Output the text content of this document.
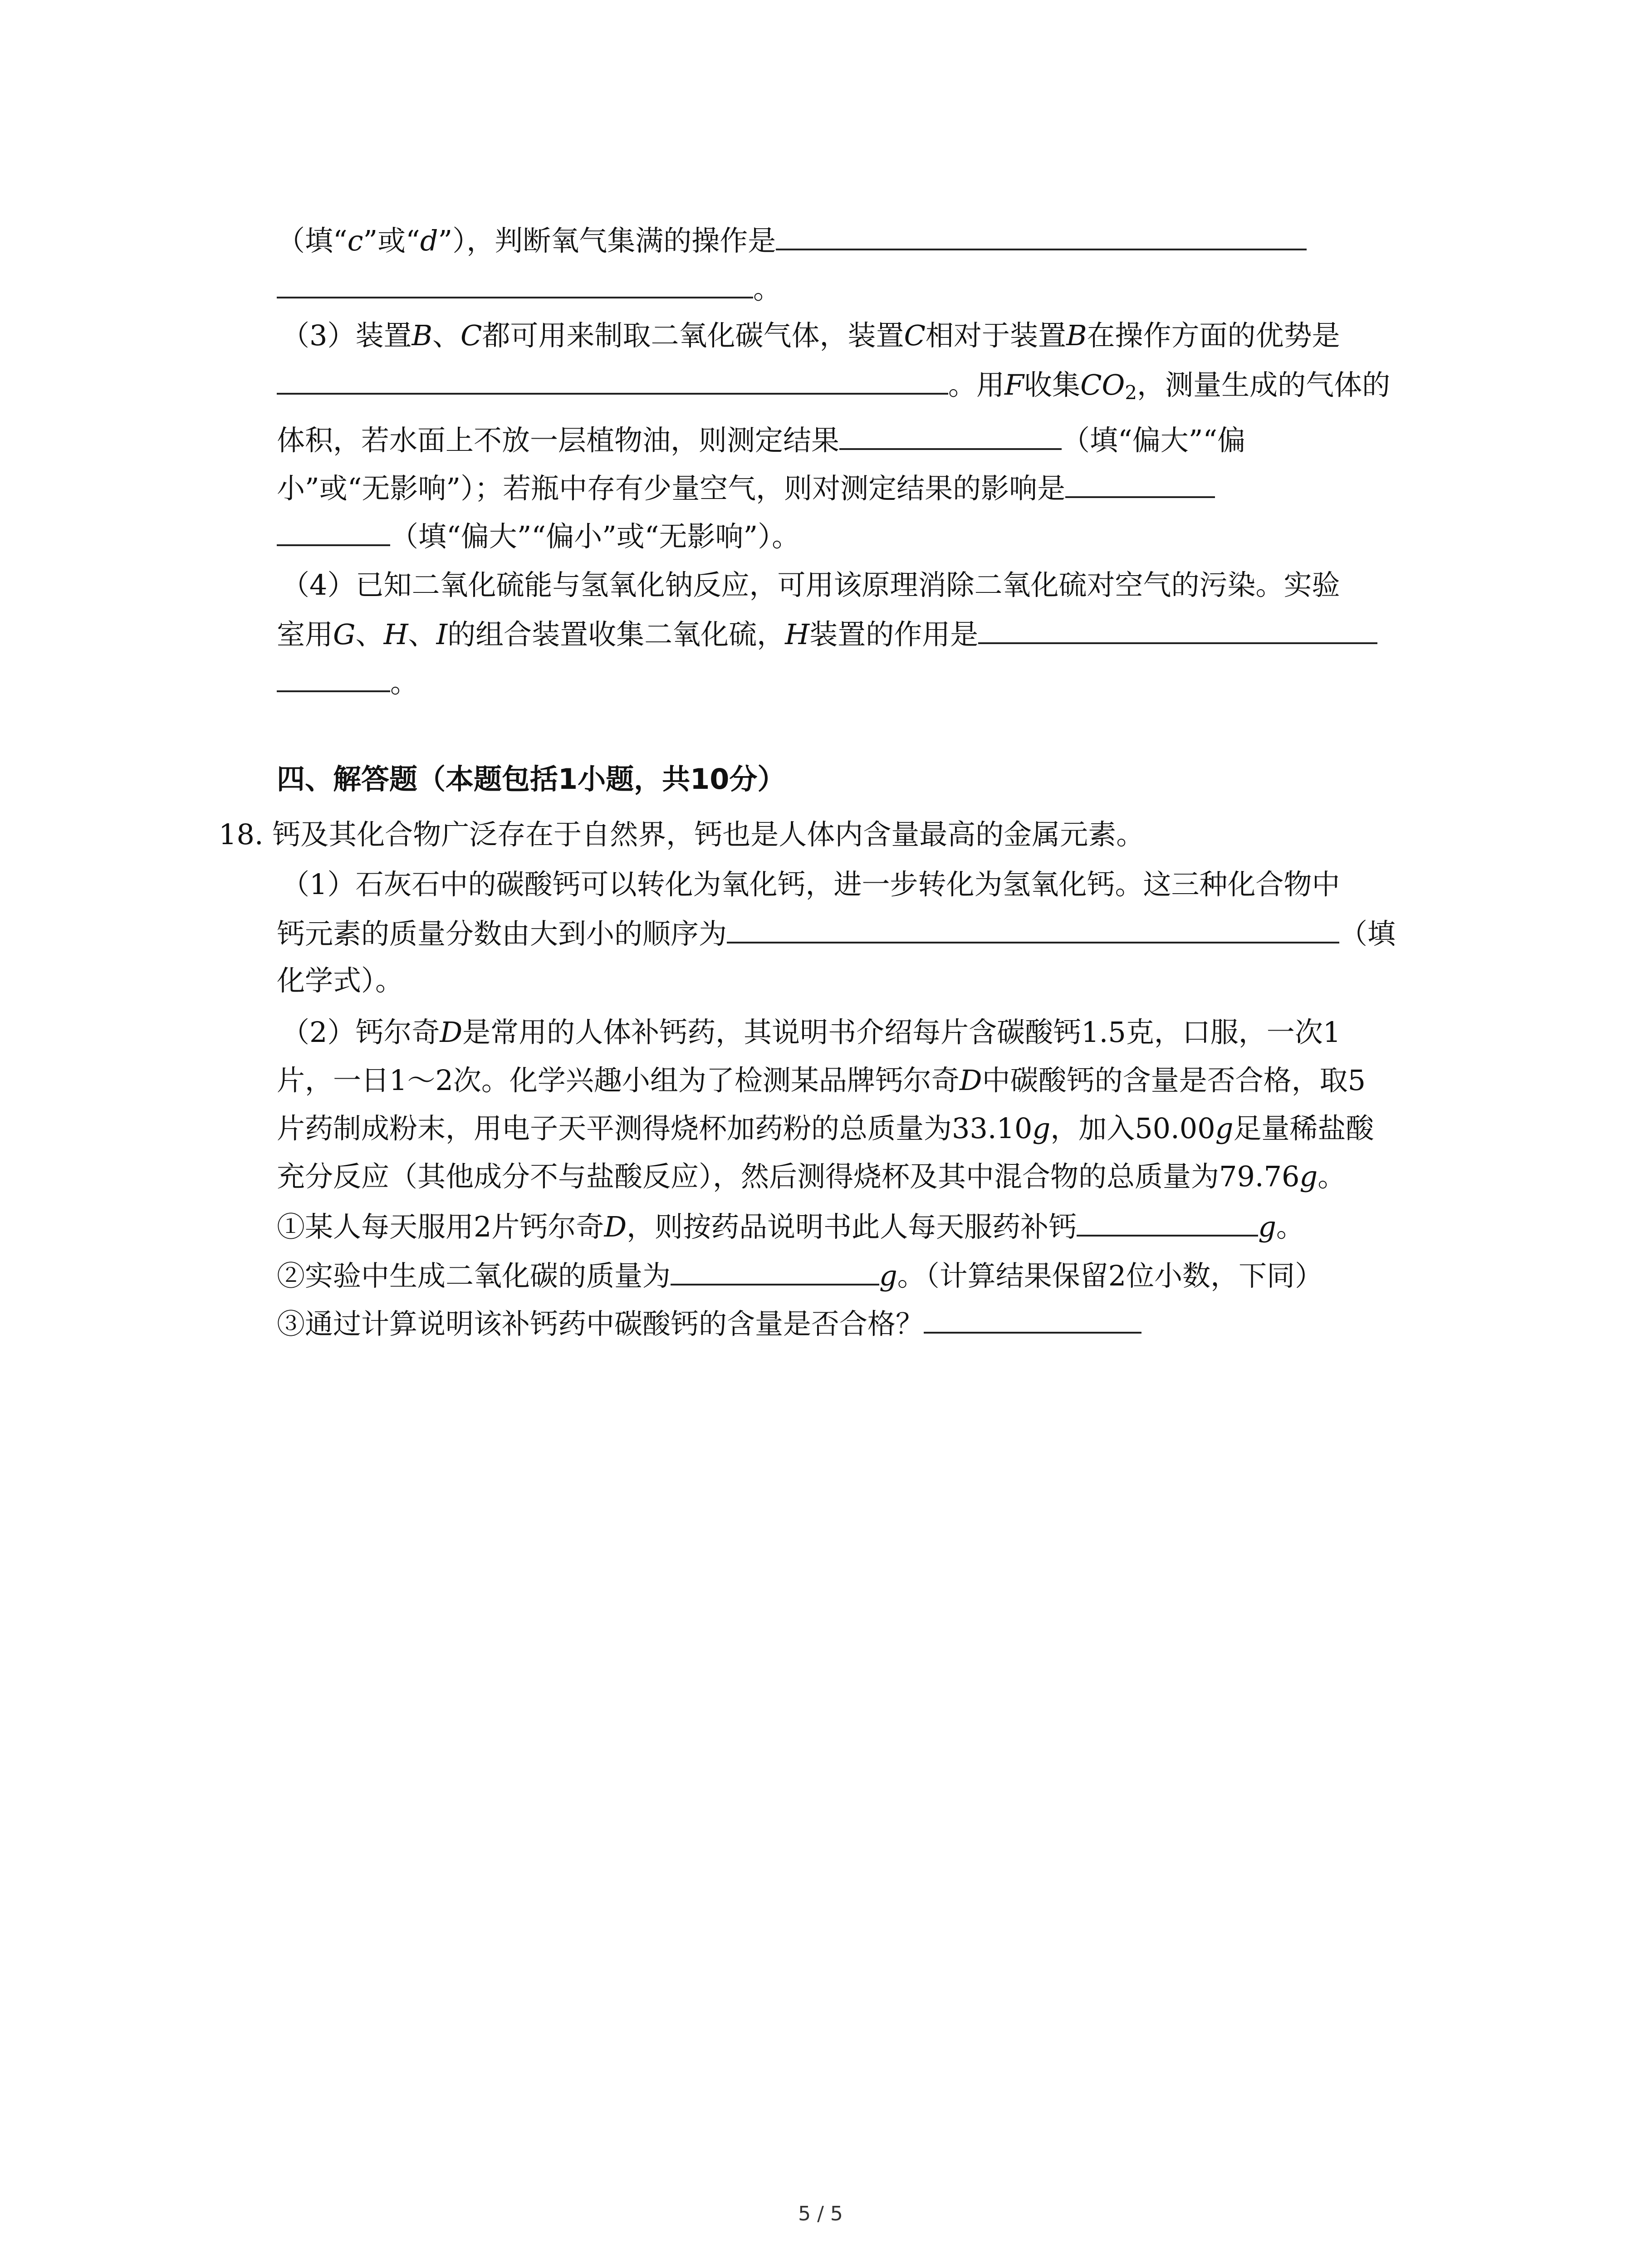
（填“c”或“d”），判断氧气集满的操作是
。
（3）装置B、C都可用来制取二氧化碳气体，装置C相对于装置B在操作方面的优势是
。用F收集$CO_2$，测量生成的气体的
体积，若水面上不放一层植物油，则测定结果	（填“偏大”“偏
小”或“无影响”）；若瓶中存有少量空气，则对测定结果的影响是
（填“偏大”“偏小”或“无影响”）。
（4）已知二氧化硫能与氢氧化钠反应，可用该原理消除二氧化硫对空气的污染。实验
室用G、H、I的组合装置收集二氧化硫，H装置的作用是
。
四、解答题（本题包括1小题，共10分）
18. 钙及其化合物广泛存在于自然界，钙也是人体内含量最高的金属元素。
（1）石灰石中的碳酸钙可以转化为氧化钙，进一步转化为氢氧化钙。这三种化合物中
钙元素的质量分数由大到小的顺序为	（填
化学式）。
（2）钙尔奇D是常用的人体补钙药，其说明书介绍每片含碳酸钙1.5克，口服，一次1
片，一日1～2次。化学兴趣小组为了检测某品牌钙尔奇D中碳酸钙的含量是否合格，取5
片药制成粉末，用电子天平测得烧杯加药粉的总质量为33.10g，加入50.00g足量稀盐酸
充分反应（其他成分不与盐酸反应），然后测得烧杯及其中混合物的总质量为79.76g。
①某人每天服用2片钙尔奇D，则按药品说明书此人每天服药补钙	g。
②实验中生成二氧化碳的质量为	g。（计算结果保留2位小数，下同）
③通过计算说明该补钙药中碳酸钙的含量是否合格？
5 / 5
